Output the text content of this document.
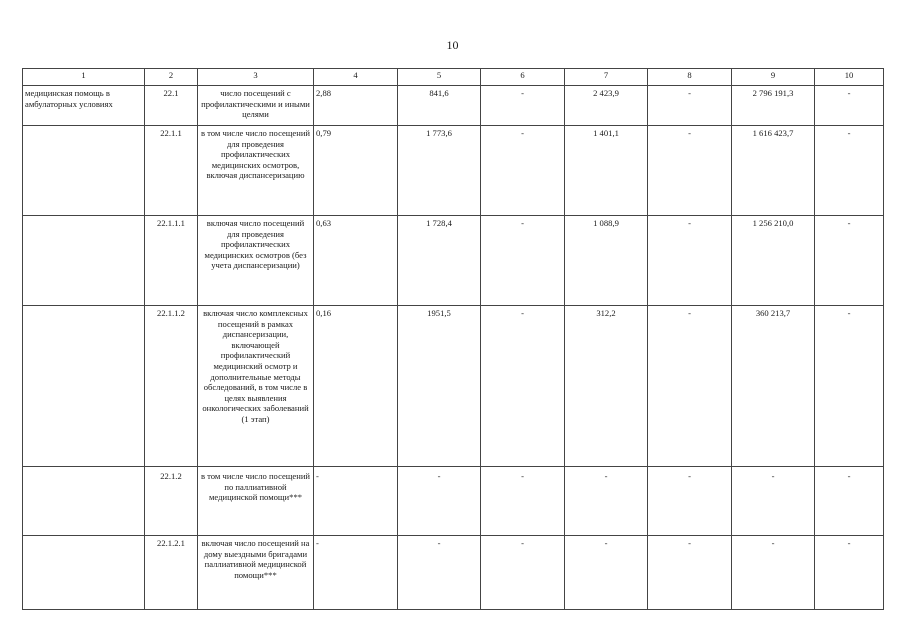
10
1	2	3	4	5	6	7	8	9	10
медицинская помощь в амбулаторных условиях	22.1	число посещений с профилактическими и иными целями	2,88	841,6	-	2 423,9	-	2 796 191,3	-
	22.1.1	в том числе число посещений для проведения профилактических медицинских осмотров, включая диспансеризацию	0,79	1 773,6	-	1 401,1	-	1 616 423,7	-
	22.1.1.1	включая число посещений для проведения профилактических медицинских осмотров (без учета диспансеризации)	0,63	1 728,4	-	1 088,9	-	1 256 210,0	-
	22.1.1.2	включая число комплексных посещений в рамках диспансеризации, включающей профилактический медицинский осмотр и дополнительные методы обследований, в том числе в целях выявления онкологических заболеваний (1 этап)	0,16	1951,5	-	312,2	-	360 213,7	-
	22.1.2	в том числе число посещений по паллиативной медицинской помощи***	-	-	-	-	-	-	-
	22.1.2.1	включая число посещений на дому выездными бригадами паллиативной медицинской помощи***	-	-	-	-	-	-	-
